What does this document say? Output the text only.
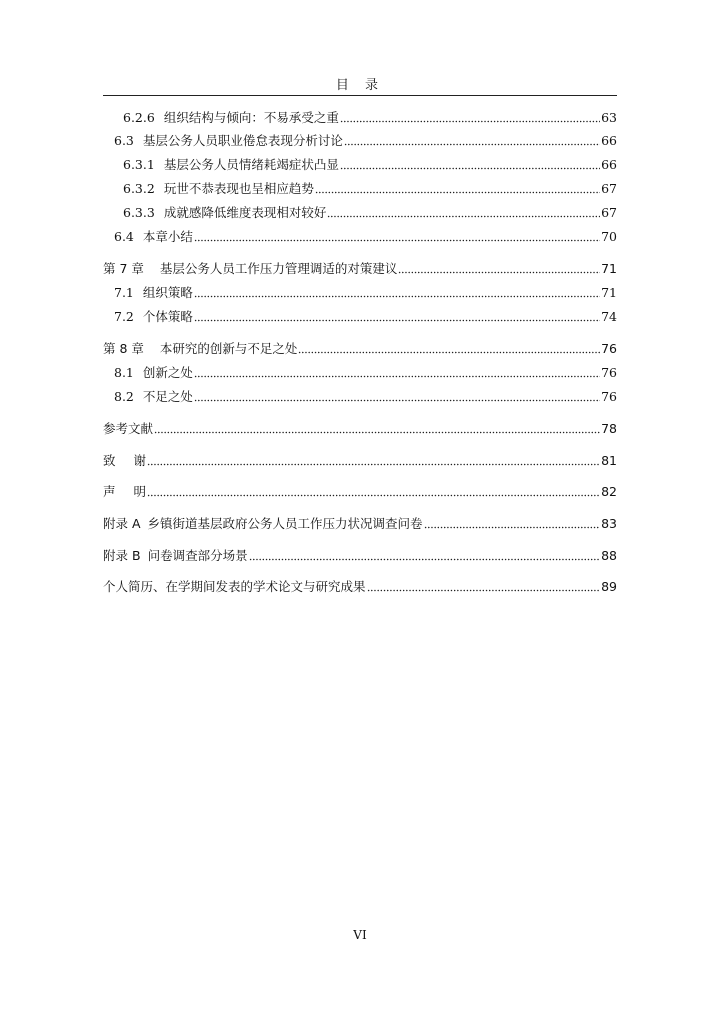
目 录
6.2.6 组织结构与倾向：不易承受之重	63
6.3 基层公务人员职业倦怠表现分析讨论	66
6.3.1 基层公务人员情绪耗竭症状凸显	66
6.3.2 玩世不恭表现也呈相应趋势	67
6.3.3 成就感降低维度表现相对较好	67
6.4 本章小结	70
第 7 章 基层公务人员工作压力管理调适的对策建议	71
7.1 组织策略	71
7.2 个体策略	74
第 8 章 本研究的创新与不足之处	76
8.1 创新之处	76
8.2 不足之处	76
参考文献	78
致 谢	81
声 明	82
附录 A 乡镇街道基层政府公务人员工作压力状况调查问卷	83
附录 B 问卷调查部分场景	88
个人简历、在学期间发表的学术论文与研究成果	89
VI
